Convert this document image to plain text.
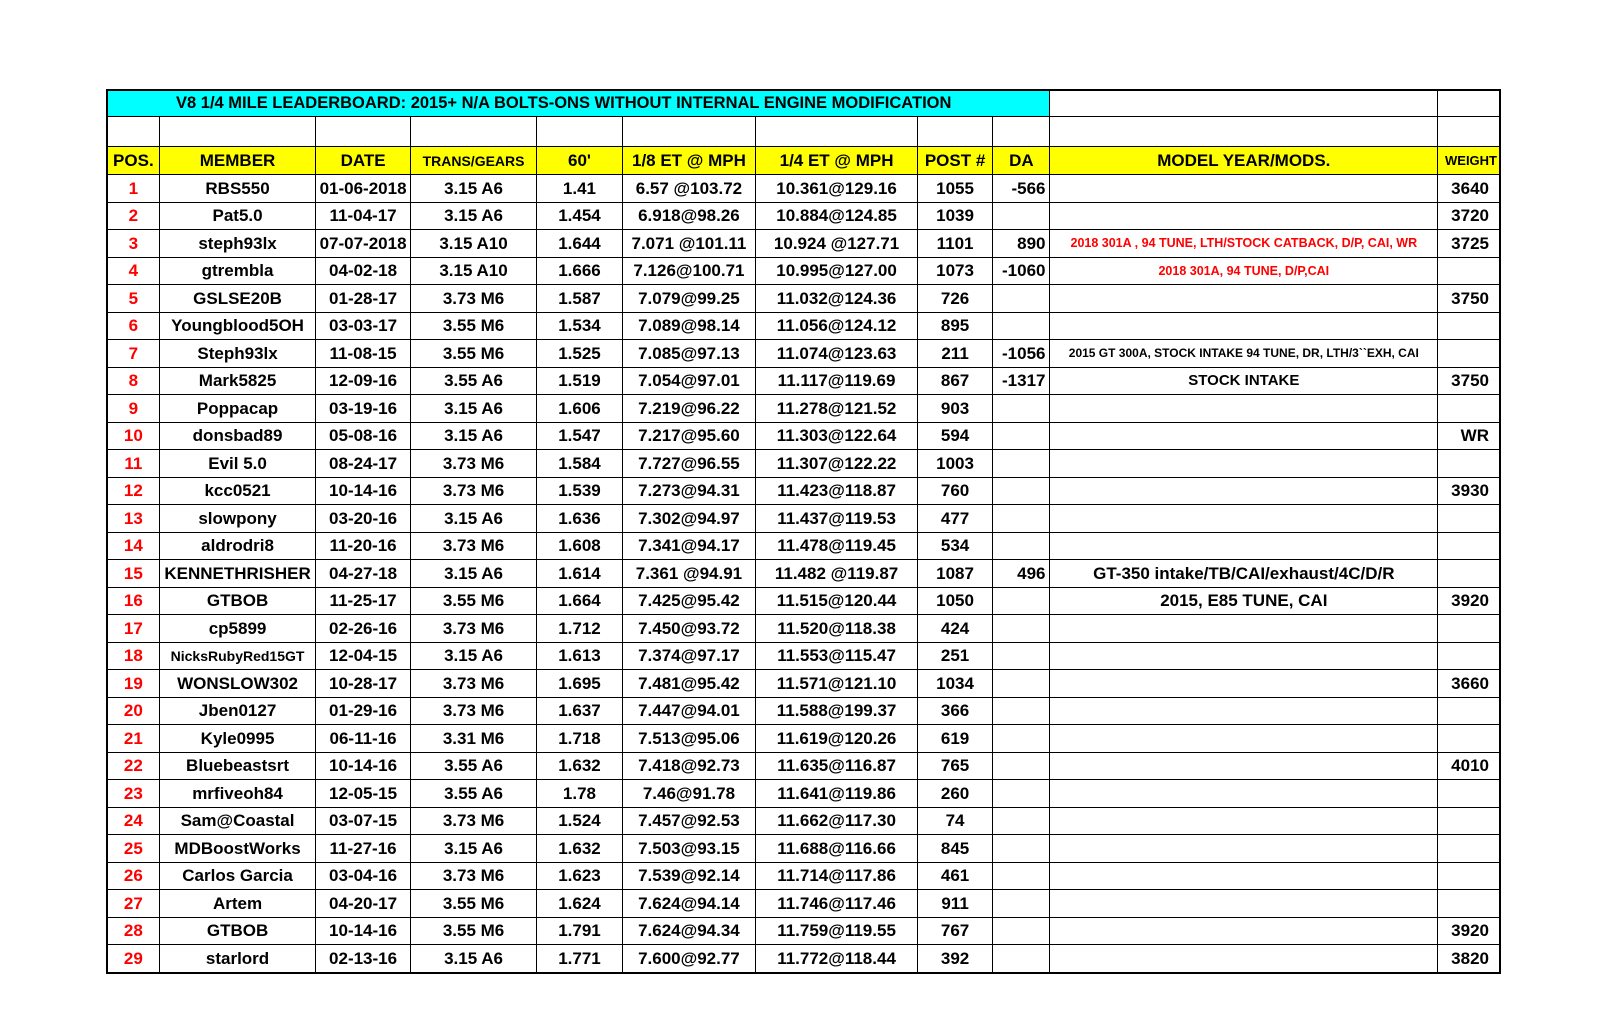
V8 1/4 MILE LEADERBOARD: 2015+ N/A BOLTS-ONS WITHOUT INTERNAL ENGINE MODIFICATION										

POS.	MEMBER	DATE	TRANS/GEARS	60'	1/8 ET @ MPH	1/4 ET @ MPH	POST #	DA	MODEL YEAR/MODS.	WEIGHT
1	RBS550	01-06-2018	3.15 A6	1.41	6.57 @103.72	10.361@129.16	1055	-566		3640
2	Pat5.0	11-04-17	3.15 A6	1.454	6.918@98.26	10.884@124.85	1039			3720
3	steph93lx	07-07-2018	3.15 A10	1.644	7.071 @101.11	10.924 @127.71	1101	890	2018 301A , 94 TUNE, LTH/STOCK CATBACK, D/P, CAI, WR	3725
4	gtrembla	04-02-18	3.15 A10	1.666	7.126@100.71	10.995@127.00	1073	-1060	2018 301A, 94 TUNE, D/P,CAI	
5	GSLSE20B	01-28-17	3.73 M6	1.587	7.079@99.25	11.032@124.36	726			3750
6	Youngblood5OH	03-03-17	3.55 M6	1.534	7.089@98.14	11.056@124.12	895			
7	Steph93lx	11-08-15	3.55 M6	1.525	7.085@97.13	11.074@123.63	211	-1056	2015 GT 300A, STOCK INTAKE 94 TUNE, DR, LTH/3``EXH, CAI	
8	Mark5825	12-09-16	3.55 A6	1.519	7.054@97.01	11.117@119.69	867	-1317	STOCK INTAKE	3750
9	Poppacap	03-19-16	3.15 A6	1.606	7.219@96.22	11.278@121.52	903			
10	donsbad89	05-08-16	3.15 A6	1.547	7.217@95.60	11.303@122.64	594			WR
11	Evil 5.0	08-24-17	3.73 M6	1.584	7.727@96.55	11.307@122.22	1003			
12	kcc0521	10-14-16	3.73 M6	1.539	7.273@94.31	11.423@118.87	760			3930
13	slowpony	03-20-16	3.15 A6	1.636	7.302@94.97	11.437@119.53	477			
14	aldrodri8	11-20-16	3.73 M6	1.608	7.341@94.17	11.478@119.45	534			
15	KENNETHRISHER	04-27-18	3.15 A6	1.614	7.361 @94.91	11.482 @119.87	1087	496	GT-350 intake/TB/CAI/exhaust/4C/D/R	
16	GTBOB	11-25-17	3.55 M6	1.664	7.425@95.42	11.515@120.44	1050		2015, E85 TUNE, CAI	3920
17	cp5899	02-26-16	3.73 M6	1.712	7.450@93.72	11.520@118.38	424			
18	NicksRubyRed15GT	12-04-15	3.15 A6	1.613	7.374@97.17	11.553@115.47	251			
19	WONSLOW302	10-28-17	3.73 M6	1.695	7.481@95.42	11.571@121.10	1034			3660
20	Jben0127	01-29-16	3.73 M6	1.637	7.447@94.01	11.588@199.37	366			
21	Kyle0995	06-11-16	3.31 M6	1.718	7.513@95.06	11.619@120.26	619			
22	Bluebeastsrt	10-14-16	3.55 A6	1.632	7.418@92.73	11.635@116.87	765			4010
23	mrfiveoh84	12-05-15	3.55 A6	1.78	7.46@91.78	11.641@119.86	260			
24	Sam@Coastal	03-07-15	3.73 M6	1.524	7.457@92.53	11.662@117.30	74			
25	MDBoostWorks	11-27-16	3.15 A6	1.632	7.503@93.15	11.688@116.66	845			
26	Carlos Garcia	03-04-16	3.73 M6	1.623	7.539@92.14	11.714@117.86	461			
27	Artem	04-20-17	3.55 M6	1.624	7.624@94.14	11.746@117.46	911			
28	GTBOB	10-14-16	3.55 M6	1.791	7.624@94.34	11.759@119.55	767			3920
29	starlord	02-13-16	3.15 A6	1.771	7.600@92.77	11.772@118.44	392			3820
